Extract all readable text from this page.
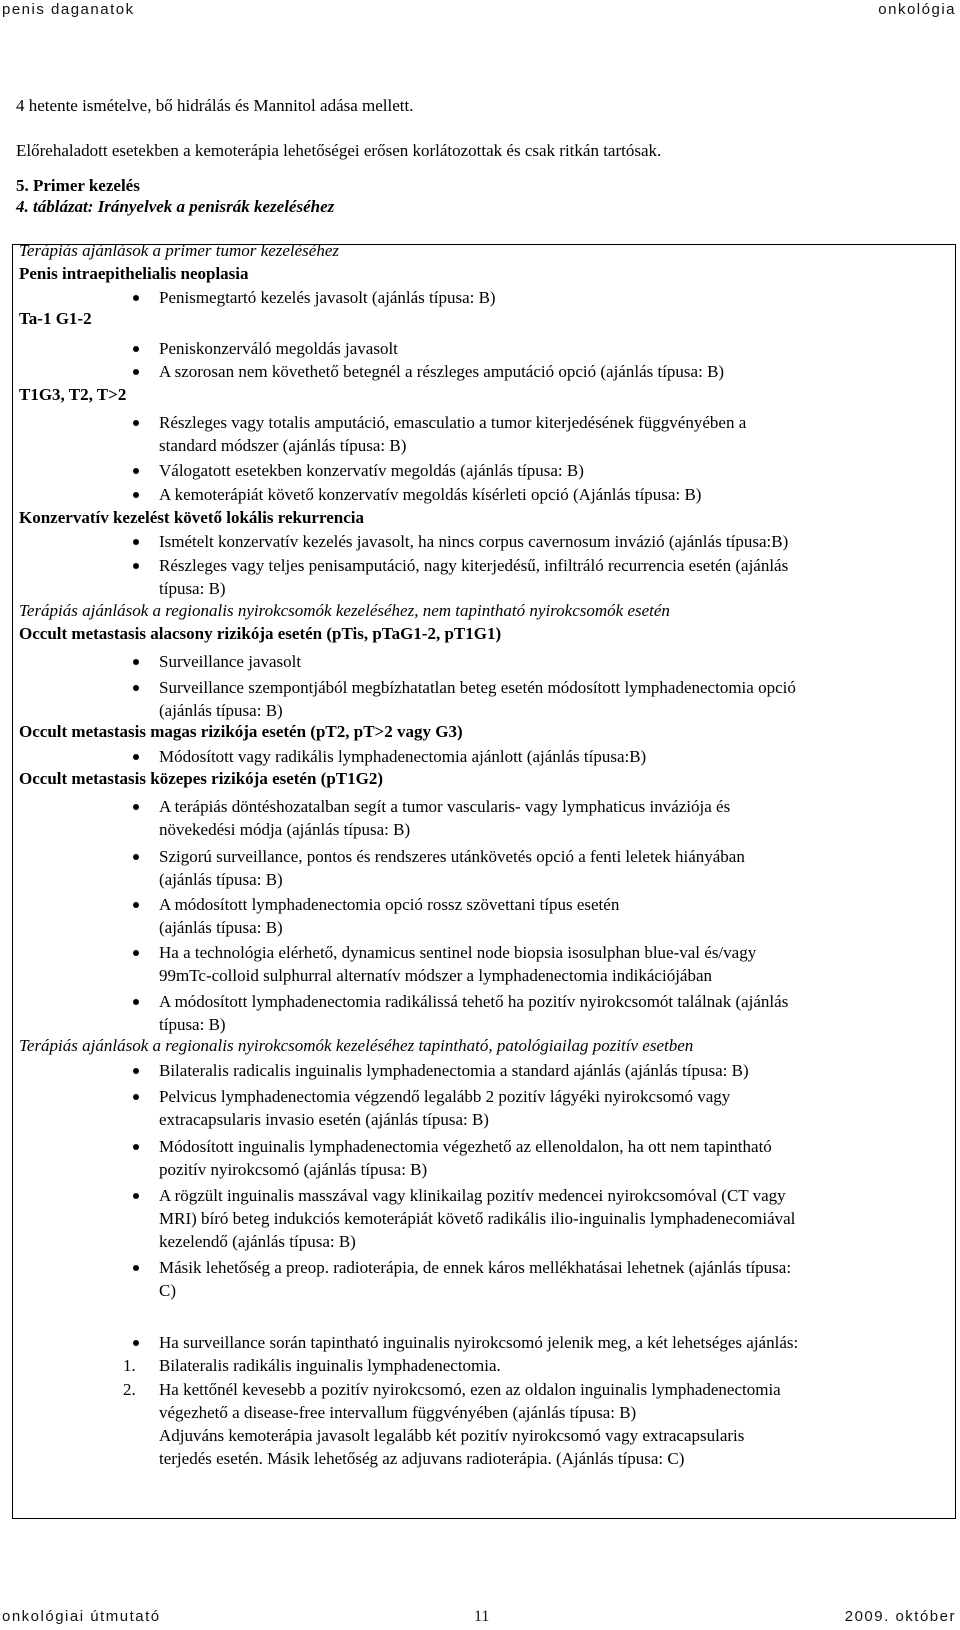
penis daganatok	onkológia
4 hetente ismételve, bő hidrálás és Mannitol adása mellett.
Előrehaladott esetekben a kemoterápia lehetőségei erősen korlátozottak és csak ritkán tartósak.
5. Primer kezelés
4. táblázat: Irányelvek a penisrák kezeléséhez
Terápiás ajánlások a primer tumor kezeléséhez
Penis intraepithelialis neoplasia
Penismegtartó kezelés javasolt (ajánlás típusa: B)
Ta-1 G1-2
Peniskonzerváló megoldás javasolt
A szorosan nem követhető betegnél a részleges amputáció opció (ajánlás típusa: B)
T1G3, T2, T>2
Részleges vagy totalis amputáció, emasculatio a tumor kiterjedésének függvényében a
standard módszer (ajánlás típusa: B)
Válogatott esetekben konzervatív megoldás (ajánlás típusa: B)
A kemoterápiát követő konzervatív megoldás kísérleti opció (Ajánlás típusa: B)
Konzervatív kezelést követő lokális rekurrencia
Ismételt konzervatív kezelés javasolt, ha nincs corpus cavernosum invázió (ajánlás típusa:B)
Részleges vagy teljes penisamputáció, nagy kiterjedésű, infiltráló recurrencia esetén (ajánlás
típusa: B)
Terápiás ajánlások a regionalis nyirokcsomók kezeléséhez, nem tapintható nyirokcsomók esetén
Occult metastasis alacsony rizikója esetén (pTis, pTaG1-2, pT1G1)
Surveillance javasolt
Surveillance szempontjából megbízhatatlan beteg esetén módosított lymphadenectomia opció
(ajánlás típusa: B)
Occult metastasis magas rizikója esetén (pT2, pT>2 vagy G3)
Módosított vagy radikális lymphadenectomia ajánlott (ajánlás típusa:B)
Occult metastasis közepes rizikója esetén (pT1G2)
A terápiás döntéshozatalban segít a tumor vascularis- vagy lymphaticus inváziója és
növekedési módja (ajánlás típusa: B)
Szigorú surveillance, pontos és rendszeres utánkövetés opció a fenti leletek hiányában
(ajánlás típusa: B)
A módosított lymphadenectomia opció rossz szövettani típus esetén
(ajánlás típusa: B)
Ha a technológia elérhető, dynamicus sentinel node biopsia isosulphan blue-val és/vagy
99mTc-colloid sulphurral alternatív módszer a lymphadenectomia indikációjában
A módosított lymphadenectomia radikálissá tehető ha pozitív nyirokcsomót találnak (ajánlás
típusa: B)
Terápiás ajánlások a regionalis nyirokcsomók kezeléséhez tapintható, patológiailag pozitív esetben
Bilateralis radicalis inguinalis lymphadenectomia a standard ajánlás (ajánlás típusa: B)
Pelvicus lymphadenectomia végzendő legalább 2 pozitív lágyéki nyirokcsomó vagy
extracapsularis invasio esetén (ajánlás típusa: B)
Módosított inguinalis lymphadenectomia végezhető az ellenoldalon, ha ott nem tapintható
pozitív nyirokcsomó (ajánlás típusa: B)
A rögzült inguinalis masszával vagy klinikailag pozitív medencei nyirokcsomóval (CT vagy
MRI) bíró beteg indukciós kemoterápiát követő radikális ilio-inguinalis lymphadenecomiával
kezelendő (ajánlás típusa: B)
Másik lehetőség a preop. radioterápia, de ennek káros mellékhatásai lehetnek (ajánlás típusa:
C)
Ha surveillance során tapintható inguinalis nyirokcsomó jelenik meg, a két lehetséges ajánlás:
1. Bilateralis radikális inguinalis lymphadenectomia.
2. Ha kettőnél kevesebb a pozitív nyirokcsomó, ezen az oldalon inguinalis lymphadenectomia
végezhető a disease-free intervallum függvényében (ajánlás típusa: B)
Adjuváns kemoterápia javasolt legalább két pozitív nyirokcsomó vagy extracapsularis
terjedés esetén. Másik lehetőség az adjuvans radioterápia. (Ajánlás típusa: C)
onkológiai útmutató	11	2009. október
